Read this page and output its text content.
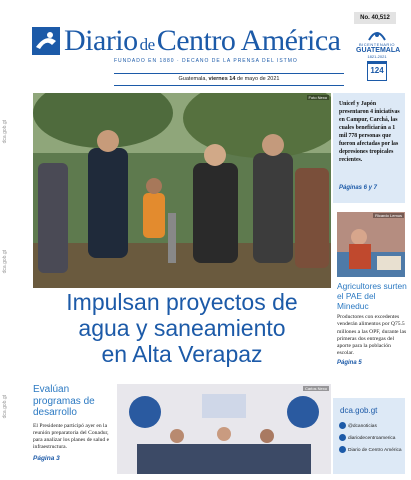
dca.gob.gt
dca.gob.gt
dca.gob.gt
Diario deCentro América
FUNDADO EN 1880 · DECANO DE LA PRENSA DEL ISTMO
No. 40,512
BICENTENARIO
GUATEMALA
1821-2021
124
Guatemala, viernes 14 de mayo de 2021
Foto Nexo
Impulsan proyectos de
agua y saneamiento
en Alta Verapaz
Unicef y Japón presentaron 4 iniciativas en Campur, Carchá, las cuales beneficiarán a 1 mil 778 personas que fueron afectadas por las depresiones tropicales recientes.
Páginas 6 y 7
Ricardo Lemus
Agricultores surten el PAE del Mineduc
Productores con excedentes venderán alimentos por Q75.5 millones a las OPF, durante las primeras dos entregas del aporte para la población escolar.
Página 5
Evalúan programas de desarrollo
El Presidente participó ayer en la reunión preparatoria del Conadur, para analizar los planes de salud e infraestructura.
Página 3
Carlos Nexo
dca.gob.gt
@dcanoticias
diariodecentroamerica
Diario de Centro América
